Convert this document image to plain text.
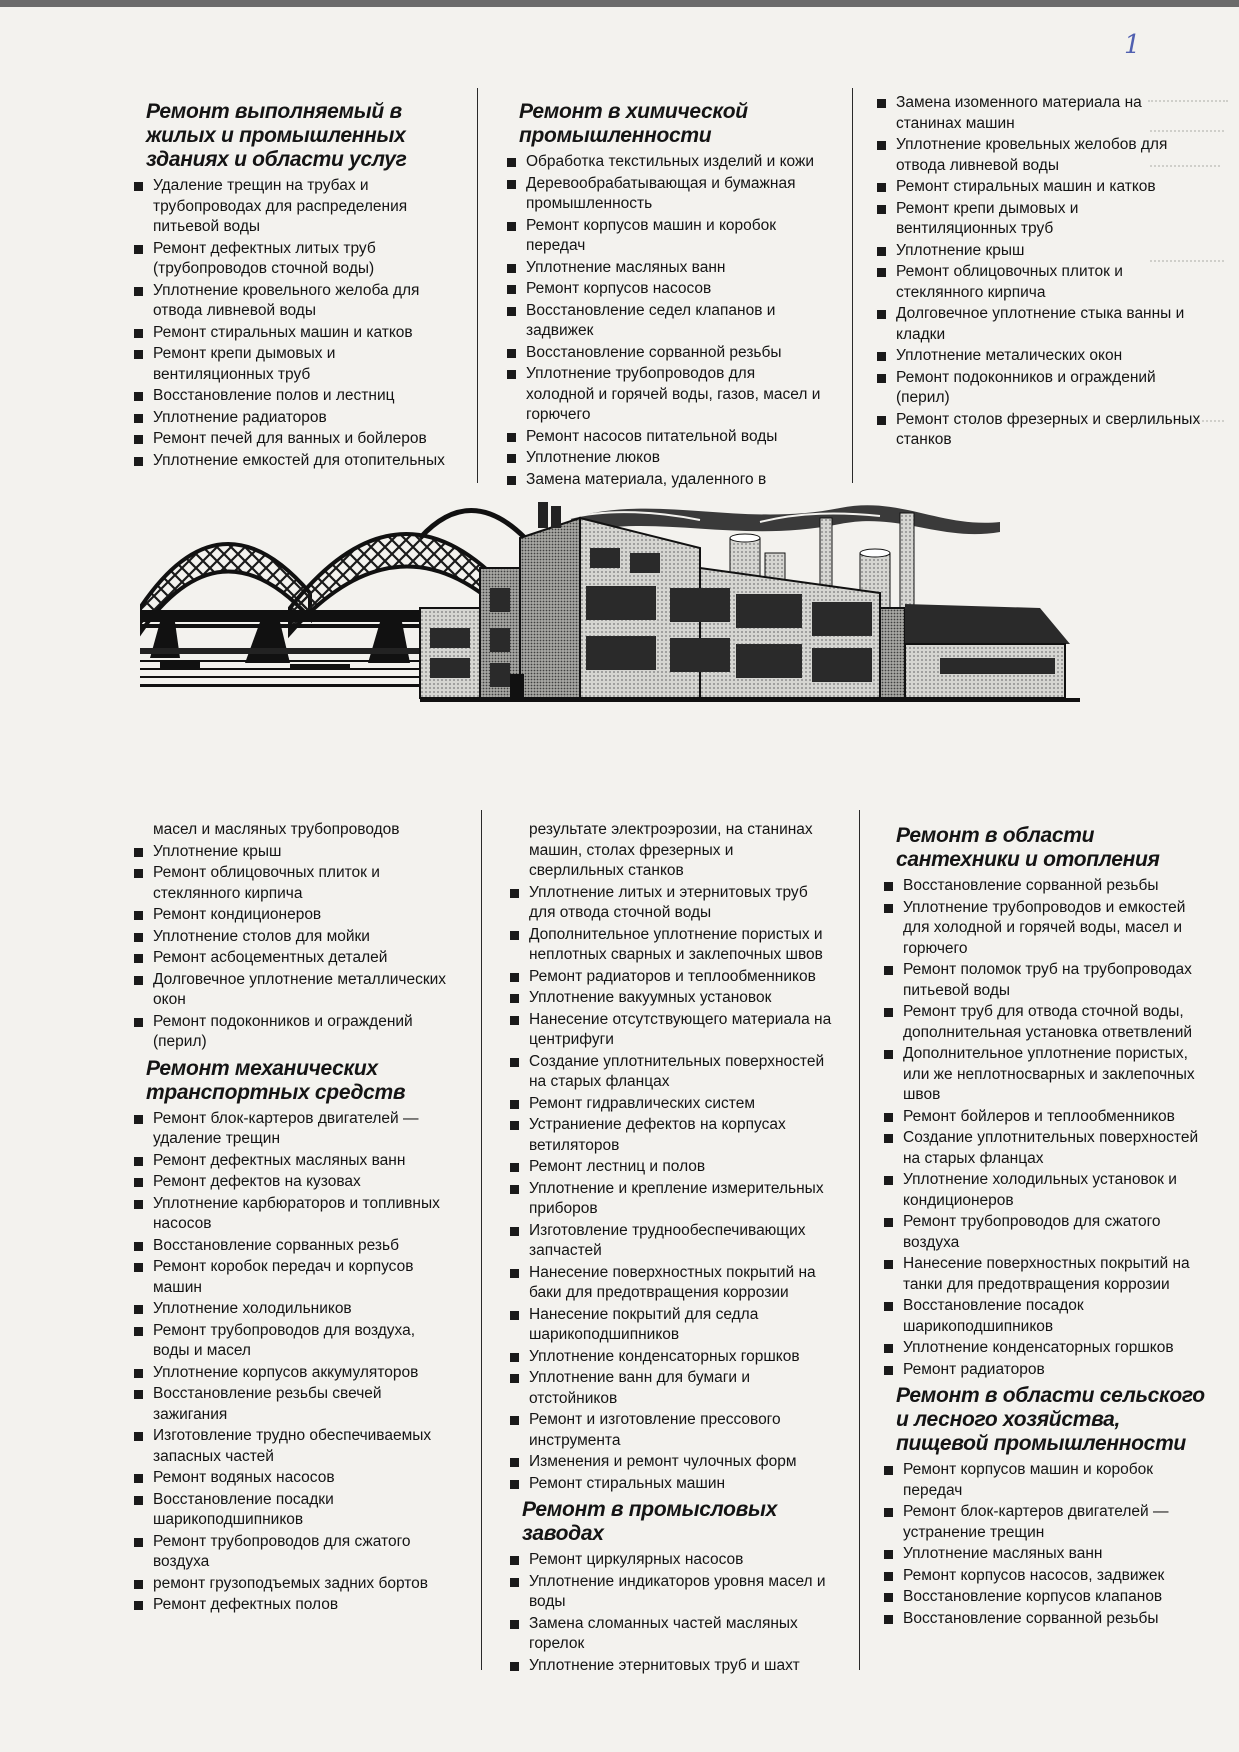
1
Ремонт выполняемый в жилых и промышленных зданиях и области услуг
Удаление трещин на трубах и трубопроводах для распределения питьевой воды
Ремонт дефектных литых труб (трубопроводов сточной воды)
Уплотнение кровельного желоба для отвода ливневой воды
Ремонт стиральных машин и катков
Ремонт крепи дымовых и вентиляционных труб
Восстановление полов и лестниц
Уплотнение радиаторов
Ремонт печей для ванных и бойлеров
Уплотнение емкостей для отопительных
Ремонт в химической промышленности
Обработка текстильных изделий и кожи
Деревообрабатывающая и бумажная промышленность
Ремонт корпусов машин и коробок передач
Уплотнение масляных ванн
Ремонт корпусов насосов
Восстановление седел клапанов и задвижек
Восстановление сорванной резьбы
Уплотнение трубопроводов для холодной и горячей воды, газов, масел и горючего
Ремонт насосов питательной воды
Уплотнение люков
Замена материала, удаленного в
Замена изоменного материала на станинах машин
Уплотнение кровельных желобов для отвода ливневой воды
Ремонт стиральных машин и катков
Ремонт крепи дымовых и вентиляционных труб
Уплотнение крыш
Ремонт облицовочных плиток и стеклянного кирпича
Долговечное уплотнение стыка ванны и кладки
Уплотнение металических окон
Ремонт подоконников и ограждений (перил)
Ремонт столов фрезерных и сверлильных станков
масел и масляных трубопроводов
Уплотнение крыш
Ремонт облицовочных плиток и стеклянного кирпича
Ремонт кондиционеров
Уплотнение столов для мойки
Ремонт асбоцементных деталей
Долговечное уплотнение металлических окон
Ремонт подоконников и ограждений (перил)
Ремонт механических транспортных средств
Ремонт блок-картеров двигателей — удаление трещин
Ремонт дефектных масляных ванн
Ремонт дефектов на кузовах
Уплотнение карбюраторов и топливных насосов
Восстановление сорванных резьб
Ремонт коробок передач и корпусов машин
Уплотнение холодильников
Ремонт трубопроводов для воздуха, воды и масел
Уплотнение корпусов аккумуляторов
Восстановление резьбы свечей зажигания
Изготовление трудно обеспечиваемых запасных частей
Ремонт водяных насосов
Восстановление посадки шарикоподшипников
Ремонт трубопроводов для сжатого воздуха
ремонт грузоподъемых задних бортов
Ремонт дефектных полов
результате электроэрозии, на станинах машин, столах фрезерных и сверлильных станков
Уплотнение литых и этернитовых труб для отвода сточной воды
Дополнительное уплотнение пористых и неплотных сварных и заклепочных швов
Ремонт радиаторов и теплообменников
Уплотнение вакуумных установок
Нанесение отсутствующего материала на центрифуги
Создание уплотнительных поверхностей на старых фланцах
Ремонт гидравлических систем
Устраниение дефектов на корпусах ветиляторов
Ремонт лестниц и полов
Уплотнение и крепление измерительных приборов
Изготовление труднообеспечивающих запчастей
Нанесение поверхностных покрытий на баки для предотвращения коррозии
Нанесение покрытий для седла шарикоподшипников
Уплотнение конденсаторных горшков
Уплотнение ванн для бумаги и отстойников
Ремонт и изготовление прессового инструмента
Изменения и ремонт чулочных форм
Ремонт стиральных машин
Ремонт в промысловых заводах
Ремонт циркулярных насосов
Уплотнение индикаторов уровня масел и воды
Замена сломанных частей масляных горелок
Уплотнение этернитовых труб и шахт
Ремонт в области сантехники и отопления
Восстановление сорванной резьбы
Уплотнение трубопроводов и емкостей для холодной и горячей воды, масел и горючего
Ремонт поломок труб на трубопроводах питьевой воды
Ремонт труб для отвода сточной воды, дополнительная установка ответвлений
Дополнительное уплотнение пористых, или же неплотносварных и заклепочных швов
Ремонт бойлеров и теплообменников
Создание уплотнительных поверхностей на старых фланцах
Уплотнение холодильных установок и кондиционеров
Ремонт трубопроводов для сжатого воздуха
Нанесение поверхностных покрытий на танки для предотвращения коррозии
Восстановление посадок шарикоподшипников
Уплотнение конденсаторных горшков
Ремонт радиаторов
Ремонт в области сельского и лесного хозяйства, пищевой промышленности
Ремонт корпусов машин и коробок передач
Ремонт блок-картеров двигателей — устранение трещин
Уплотнение масляных ванн
Ремонт корпусов насосов, задвижек
Восстановление корпусов клапанов
Восстановление сорванной резьбы
